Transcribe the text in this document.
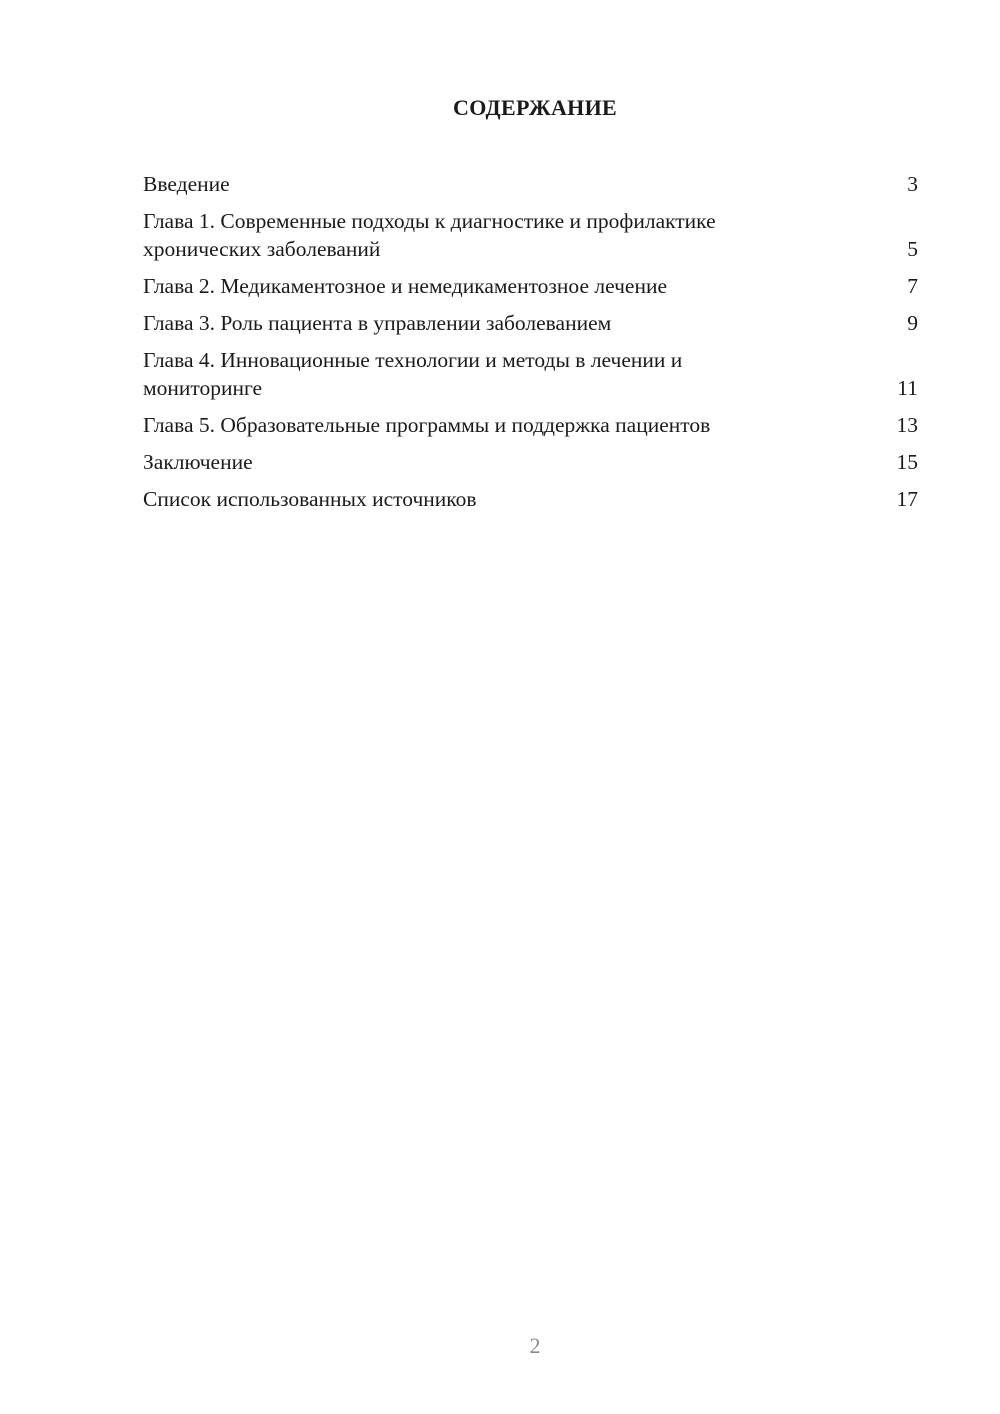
СОДЕРЖАНИЕ
Введение	3
Глава 1. Современные подходы к диагностике и профилактике
хронических заболеваний	5
Глава 2. Медикаментозное и немедикаментозное лечение	7
Глава 3. Роль пациента в управлении заболеванием	9
Глава 4. Инновационные технологии и методы в лечении и
мониторинге	11
Глава 5. Образовательные программы и поддержка пациентов	13
Заключение	15
Список использованных источников	17
2
